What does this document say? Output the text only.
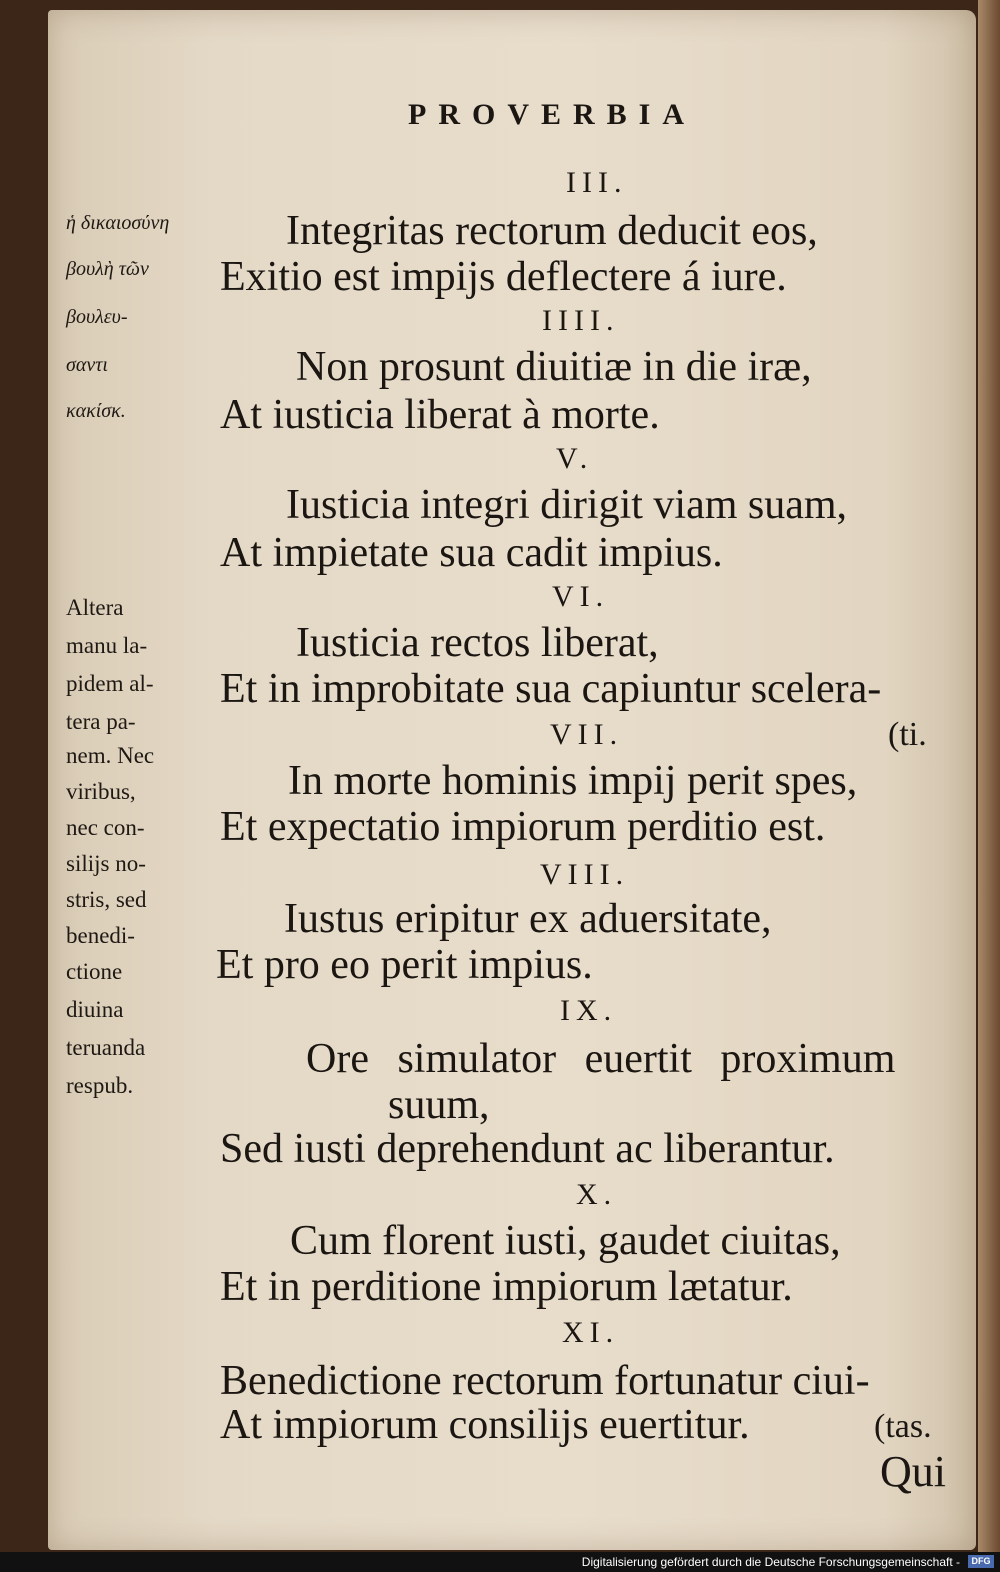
PROVERBIA
ἡ δικαιοσύνη
βουλὴ τῶν
βουλευ-
σαντι
κακίσκ.
Altera
manu la-
pidem al-
tera pa-
nem. Nec
viribus,
nec con-
silijs no-
stris, sed
benedi-
ctione
diuina
teruanda
respub.
III.
Integritas rectorum deducit eos,
Exitio est impijs deflectere á iure.
IIII.
Non prosunt diuitiæ in die iræ,
At iusticia liberat à morte.
V.
Iusticia integri dirigit viam suam,
At impietate sua cadit impius.
VI.
Iusticia rectos liberat,
Et in improbitate sua capiuntur scelera-
VII.	(ti.
In morte hominis impij perit spes,
Et expectatio impiorum perditio est.
VIII.
Iustus eripitur ex aduersitate,
Et pro eo perit impius.
IX.
Ore simulator euertit proximum
suum,
Sed iusti deprehendunt ac liberantur.
X.
Cum florent iusti, gaudet ciuitas,
Et in perditione impiorum lætatur.
XI.
Benedictione rectorum fortunatur ciui-
At impiorum consilijs euertitur.	(tas.
Qui
Digitalisierung gefördert durch die Deutsche Forschungsgemeinschaft -	DFG
